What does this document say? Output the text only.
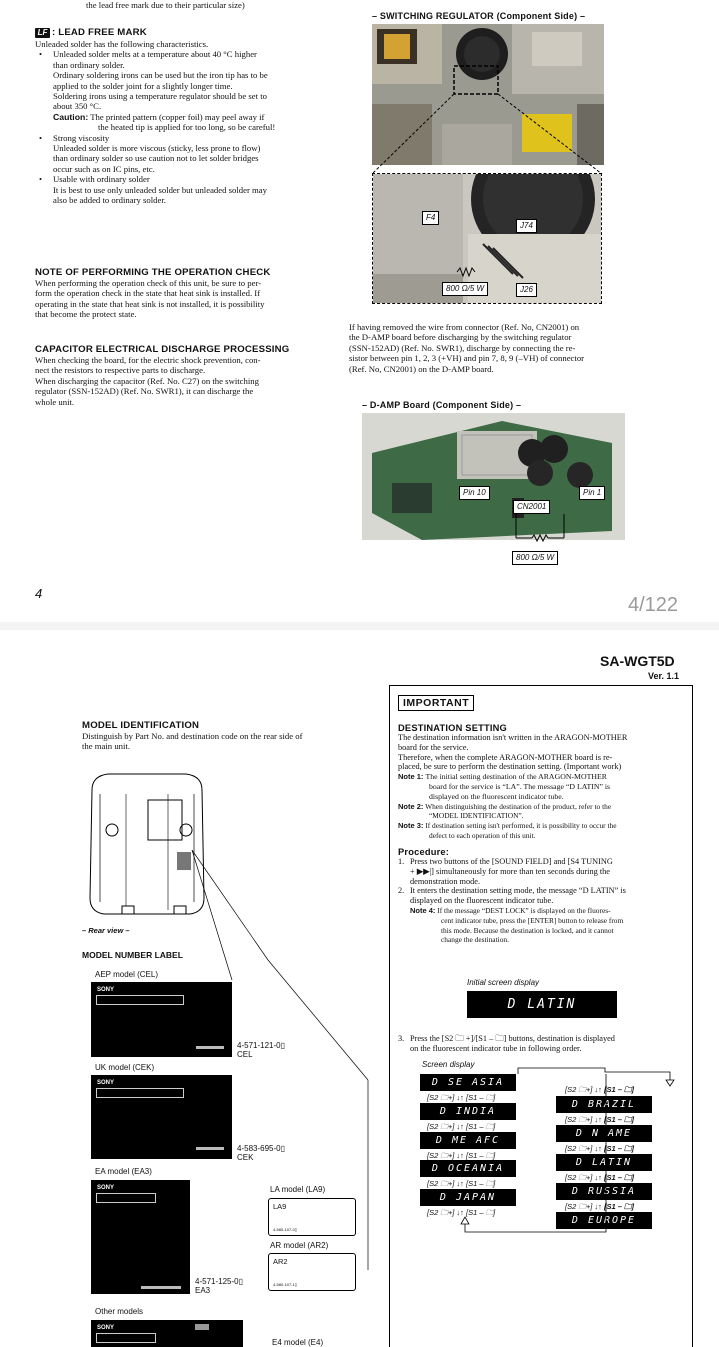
the lead free mark due to their particular size)
LF : LEAD FREE MARK
Unleaded solder has the following characteristics.
• Unleaded solder melts at a temperature about 40 °C higher
than ordinary solder.
Ordinary soldering irons can be used but the iron tip has to be
applied to the solder joint for a slightly longer time.
Soldering irons using a temperature regulator should be set to
about 350 °C.
Caution: The printed pattern (copper foil) may peel away if
the heated tip is applied for too long, so be careful!
• Strong viscosity
Unleaded solder is more viscous (sticky, less prone to flow)
than ordinary solder so use caution not to let solder bridges
occur such as on IC pins, etc.
• Usable with ordinary solder
It is best to use only unleaded solder but unleaded solder may
also be added to ordinary solder.
NOTE OF PERFORMING THE OPERATION CHECK
When performing the operation check of this unit, be sure to per-
form the operation check in the state that heat sink is installed. If
operating in the state that heat sink is not installed, it is possibility
that become the protect state.
CAPACITOR ELECTRICAL DISCHARGE PROCESSING
When checking the board, for the electric shock prevention, con-
nect the resistors to respective parts to discharge.
When discharging the capacitor (Ref. No. C27) on the switching
regulator (SSN-152AD) (Ref. No. SWR1), it can discharge the
whole unit.
– SWITCHING REGULATOR (Component Side) –
F4
J74
800 Ω/5 W	J26
If having removed the wire from connector (Ref. No, CN2001) on
the D-AMP board before discharging by the switching regulator
(SSN-152AD) (Ref. No. SWR1), discharge by connecting the re-
sistor between pin 1, 2, 3 (+VH) and pin 7, 8, 9 (–VH) of connector
(Ref. No, CN2001) on the D-AMP board.
– D-AMP Board (Component Side) –
Pin 10	Pin 1
CN2001
800 Ω/5 W
4
4/122
SA-WGT5D
Ver. 1.1
MODEL IDENTIFICATION
Distinguish by Part No. and destination code on the rear side of
the main unit.
– Rear view –
MODEL NUMBER LABEL
AEP model (CEL)
SONY
4-571-121-0▯
CEL
UK model (CEK)
SONY
4-583-695-0▯
CEK
EA model (EA3)
SONY
4-571-125-0▯
EA3
LA model (LA9)
LA9
4-580-107-0▯
AR model (AR2)
AR2
4-580-107-1▯
Other models
SONY
E4 model (E4)
IMPORTANT
DESTINATION SETTING
The destination information isn't written in the ARAGON-MOTHER
board for the service.
Therefore, when the complete ARAGON-MOTHER board is re-
placed, be sure to perform the destination setting. (Important work)
Note 1: The initial setting destination of the ARAGON-MOTHER
board for the service is “LA”. The message “D LATIN” is
displayed on the fluorescent indicator tube.
Note 2: When distinguishing the destination of the product, refer to the
“MODEL IDENTIFICATION”.
Note 3: If destination setting isn't performed, it is possibility to occur the
defect to each operation of this unit.
Procedure:
1. Press two buttons of the [SOUND FIELD] and [S4 TUNING
+ ▶▶|] simultaneously for more than ten seconds during the
demonstration mode.
2. It enters the destination setting mode, the message “D LATIN” is
displayed on the fluorescent indicator tube.
Note 4: If the message “DEST LOCK” is displayed on the fluores-
cent indicator tube, press the [ENTER] button to release from
this mode. Because the destination is locked, and it cannot
change the destination.
Initial screen display
D LATIN
3. Press the [S2 🗀 +]/[S1 – 🗀] buttons, destination is displayed
on the fluorescent indicator tube in following order.
Screen display
D SE ASIA
[S2 🗀+] ↓↑ [S1 – 🗀]
D INDIA
[S2 🗀+] ↓↑ [S1 – 🗀]
D ME AFC
[S2 🗀+] ↓↑ [S1 – 🗀]
D OCEANIA
[S2 🗀+] ↓↑ [S1 – 🗀]
D JAPAN
[S2 🗀+] ↓↑ [S1 – 🗀]
[S2 🗀+] ↓↑ [S1 – 🗀]
D BRAZIL
[S2 🗀+] ↓↑ [S1 – 🗀]
D N AME
[S2 🗀+] ↓↑ [S1 – 🗀]
D LATIN
[S2 🗀+] ↓↑ [S1 – 🗀]
D RUSSIA
[S2 🗀+] ↓↑ [S1 – 🗀]
D EUROPE
